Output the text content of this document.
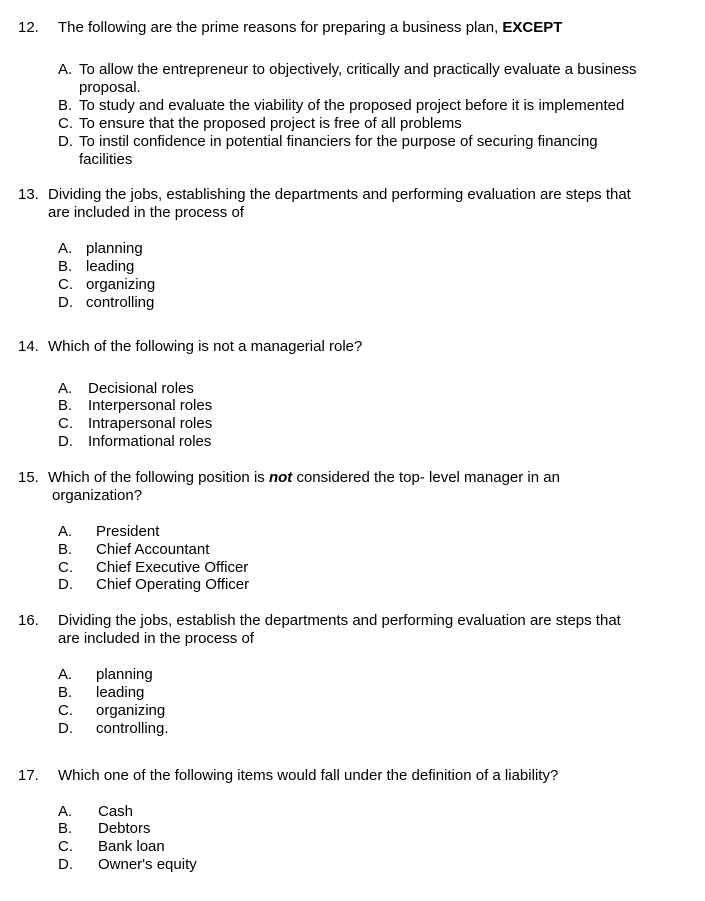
12. The following are the prime reasons for preparing a business plan, EXCEPT
A. To allow the entrepreneur to objectively, critically and practically evaluate a business
proposal.
B. To study and evaluate the viability of the proposed project before it is implemented
C. To ensure that the proposed project is free of all problems
D. To instil confidence in potential financiers for the purpose of securing financing
facilities
13. Dividing the jobs, establishing the departments and performing evaluation are steps that
are included in the process of
A. planning
B. leading
C. organizing
D. controlling
14. Which of the following is not a managerial role?
A. Decisional roles
B. Interpersonal roles
C. Intrapersonal roles
D. Informational roles
15. Which of the following position is not considered the top- level manager in an
organization?
A. President
B. Chief Accountant
C. Chief Executive Officer
D. Chief Operating Officer
16. Dividing the jobs, establish the departments and performing evaluation are steps that
are included in the process of
A. planning
B. leading
C. organizing
D. controlling.
17. Which one of the following items would fall under the definition of a liability?
A. Cash
B. Debtors
C. Bank loan
D. Owner's equity
